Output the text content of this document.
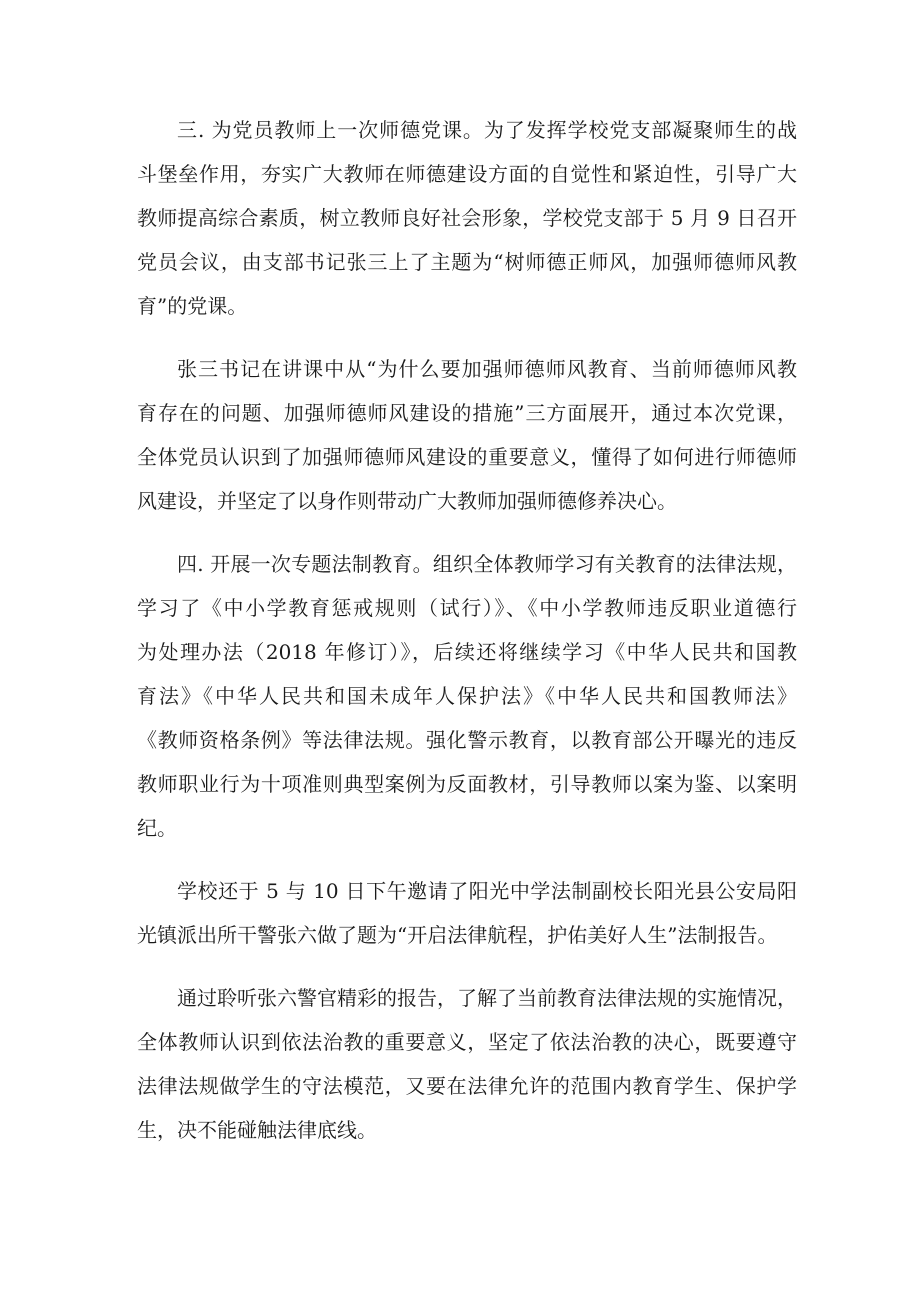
三. 为党员教师上一次师德党课。为了发挥学校党支部凝聚师生的战
斗堡垒作用，夯实广大教师在师德建设方面的自觉性和紧迫性，引导广大
教师提高综合素质，树立教师良好社会形象，学校党支部于 5 月 9 日召开
党员会议，由支部书记张三上了主题为“树师德正师风，加强师德师风教
育”的党课。
张三书记在讲课中从“为什么要加强师德师风教育、当前师德师风教
育存在的问题、加强师德师风建设的措施”三方面展开，通过本次党课，
全体党员认识到了加强师德师风建设的重要意义，懂得了如何进行师德师
风建设，并坚定了以身作则带动广大教师加强师德修养决心。
四. 开展一次专题法制教育。组织全体教师学习有关教育的法律法规，
学习了《中小学教育惩戒规则（试行）》、《中小学教师违反职业道德行
为处理办法（2018 年修订）》，后续还将继续学习《中华人民共和国教
育法》《中华人民共和国未成年人保护法》《中华人民共和国教师法》
《教师资格条例》等法律法规。强化警示教育，以教育部公开曝光的违反
教师职业行为十项准则典型案例为反面教材，引导教师以案为鉴、以案明
纪。
学校还于 5 与 10 日下午邀请了阳光中学法制副校长阳光县公安局阳
光镇派出所干警张六做了题为“开启法律航程，护佑美好人生”法制报告。
通过聆听张六警官精彩的报告，了解了当前教育法律法规的实施情况，
全体教师认识到依法治教的重要意义，坚定了依法治教的决心，既要遵守
法律法规做学生的守法模范，又要在法律允许的范围内教育学生、保护学
生，决不能碰触法律底线。
